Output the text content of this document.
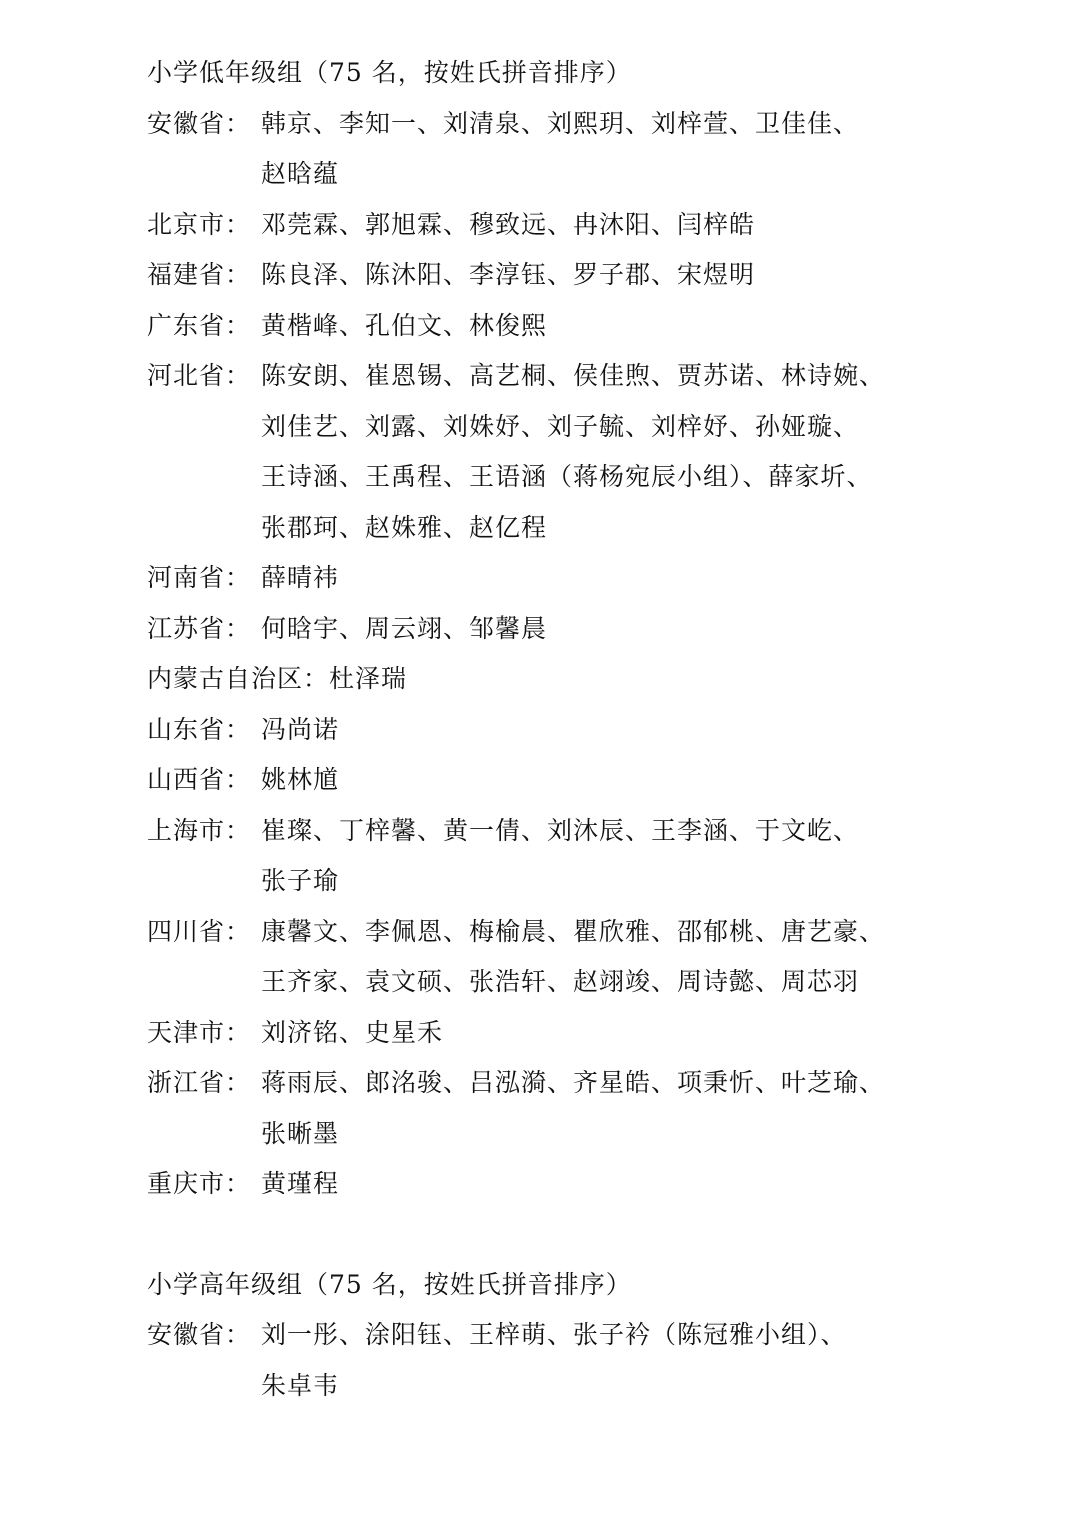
小学低年级组（75 名，按姓氏拼音排序）
安徽省： 韩京、李知一、刘清泉、刘熙玥、刘梓萱、卫佳佳、
赵晗蕴
北京市： 邓莞霖、郭旭霖、穆致远、冉沐阳、闫梓皓
福建省： 陈良泽、陈沐阳、李淳钰、罗子郡、宋煜明
广东省： 黄楷峰、孔伯文、林俊熙
河北省： 陈安朗、崔恩锡、高艺桐、侯佳煦、贾苏诺、林诗婉、
刘佳艺、刘露、刘姝妤、刘子毓、刘梓妤、孙娅璇、
王诗涵、王禹程、王语涵（蒋杨宛辰小组）、薛家圻、
张郡珂、赵姝雅、赵亿程
河南省： 薛晴祎
江苏省： 何晗宇、周云翊、邹馨晨
内蒙古自治区： 杜泽瑞
山东省： 冯尚诺
山西省： 姚林馗
上海市： 崔璨、丁梓馨、黄一倩、刘沐辰、王李涵、于文屹、
张子瑜
四川省： 康馨文、李佩恩、梅榆晨、瞿欣雅、邵郁桃、唐艺豪、
王齐家、袁文硕、张浩轩、赵翊竣、周诗懿、周芯羽
天津市： 刘济铭、史星禾
浙江省： 蒋雨辰、郎洺骏、吕泓漪、齐星皓、项秉忻、叶芝瑜、
张晰墨
重庆市： 黄瑾程
小学高年级组（75 名，按姓氏拼音排序）
安徽省： 刘一彤、涂阳钰、王梓萌、张子衿（陈冠雅小组）、
朱卓韦
